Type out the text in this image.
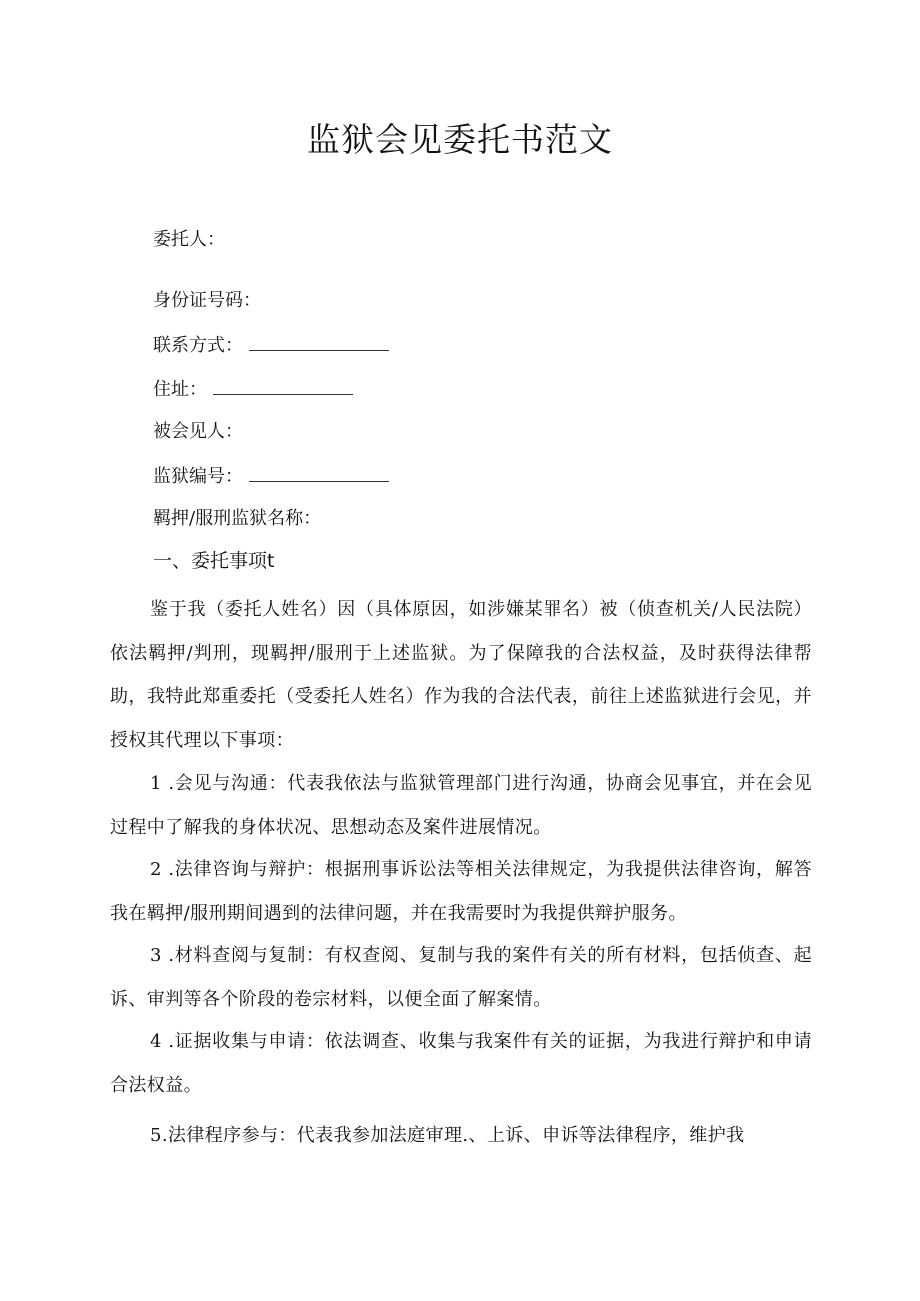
监狱会见委托书范文
委托人：
身份证号码：
联系方式：
住址：
被会见人：
监狱编号：
羁押/服刑监狱名称：
一、委托事项t

鉴于我（委托人姓名）因（具体原因，如涉嫌某罪名）被（侦查机关/人民法院）依法羁押/判刑，现羁押/服刑于上述监狱。为了保障我的合法权益，及时获得法律帮助，我特此郑重委托（受委托人姓名）作为我的合法代表，前往上述监狱进行会见，并授权其代理以下事项：

1 .会见与沟通：代表我依法与监狱管理部门进行沟通，协商会见事宜，并在会见过程中了解我的身体状况、思想动态及案件进展情况。

2 .法律咨询与辩护：根据刑事诉讼法等相关法律规定，为我提供法律咨询，解答我在羁押/服刑期间遇到的法律问题，并在我需要时为我提供辩护服务。

3 .材料查阅与复制：有权查阅、复制与我的案件有关的所有材料，包括侦查、起诉、审判等各个阶段的卷宗材料，以便全面了解案情。

4 .证据收集与申请：依法调查、收集与我案件有关的证据，为我进行辩护和申请合法权益。

5.法律程序参与：代表我参加法庭审理.、上诉、申诉等法律程序，维护我
